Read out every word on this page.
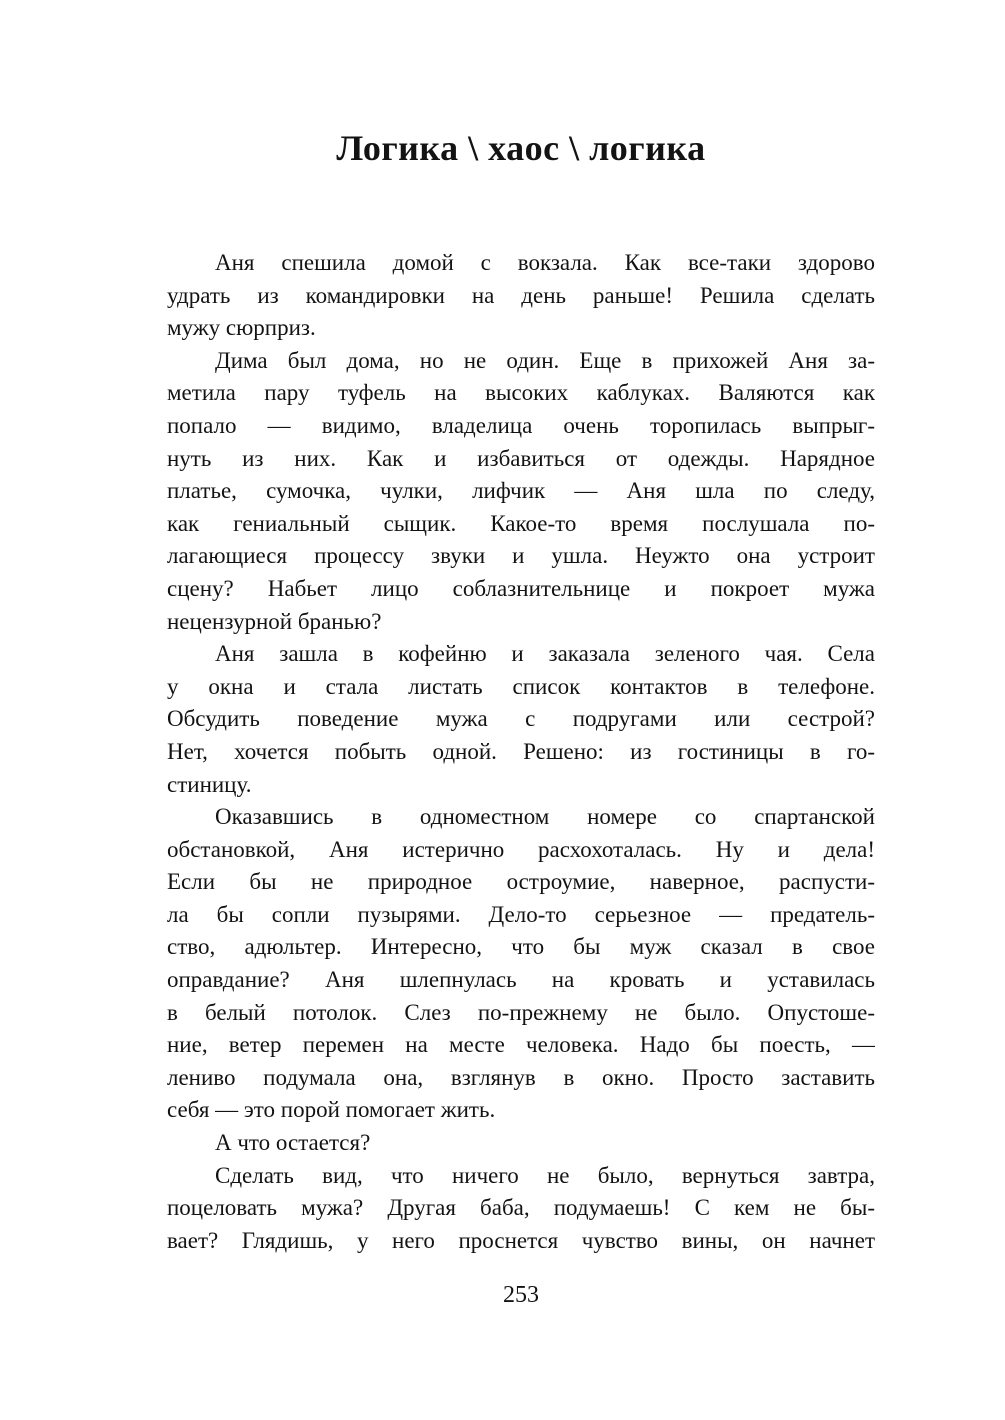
Логика \ хаос \ логика
Аня спешила домой с вокзала. Как все-таки здорово
удрать из командировки на день раньше! Решила сделать
мужу сюрприз.
Дима был дома, но не один. Еще в прихожей Аня за-
метила пару туфель на высоких каблуках. Валяются как
попало — видимо, владелица очень торопилась выпрыг-
нуть из них. Как и избавиться от одежды. Нарядное
платье, сумочка, чулки, лифчик — Аня шла по следу,
как гениальный сыщик. Какое-то время послушала по-
лагающиеся процессу звуки и ушла. Неужто она устроит
сцену? Набьет лицо соблазнительнице и покроет мужа
нецензурной бранью?
Аня зашла в кофейню и заказала зеленого чая. Села
у окна и стала листать список контактов в телефоне.
Обсудить поведение мужа с подругами или сестрой?
Нет, хочется побыть одной. Решено: из гостиницы в го-
стиницу.
Оказавшись в одноместном номере со спартанской
обстановкой, Аня истерично расхохоталась. Ну и дела!
Если бы не природное остроумие, наверное, распусти-
ла бы сопли пузырями. Дело-то серьезное — предатель-
ство, адюльтер. Интересно, что бы муж сказал в свое
оправдание? Аня шлепнулась на кровать и уставилась
в белый потолок. Слез по-прежнему не было. Опустоше-
ние, ветер перемен на месте человека. Надо бы поесть, —
лениво подумала она, взглянув в окно. Просто заставить
себя — это порой помогает жить.
А что остается?
Сделать вид, что ничего не было, вернуться завтра,
поцеловать мужа? Другая баба, подумаешь! С кем не бы-
вает? Глядишь, у него проснется чувство вины, он начнет
253
